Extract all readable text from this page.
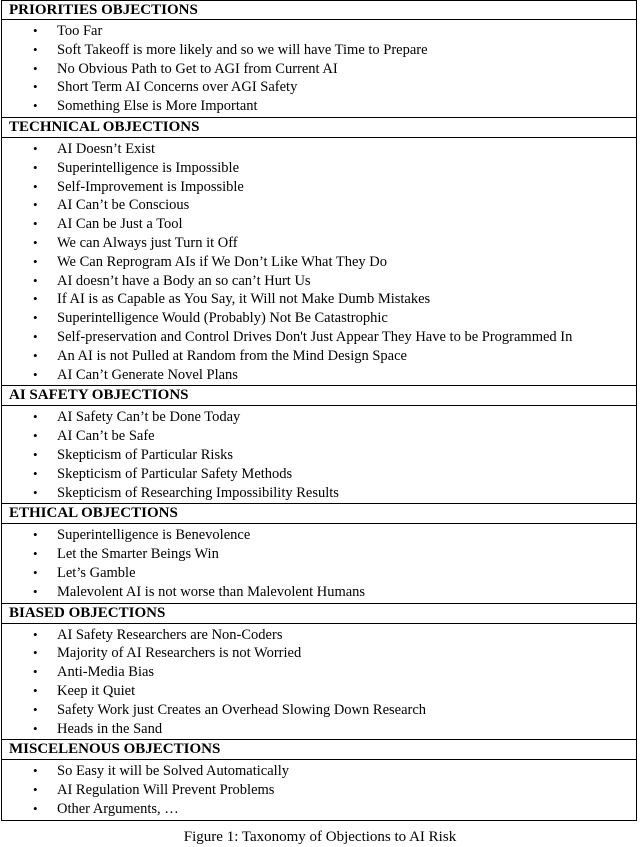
PRIORITIES OBJECTIONS

• Too Far
• Soft Takeoff is more likely and so we will have Time to Prepare
• No Obvious Path to Get to AGI from Current AI
• Short Term AI Concerns over AGI Safety
• Something Else is More Important

TECHNICAL OBJECTIONS

• AI Doesn’t Exist
• Superintelligence is Impossible
• Self-Improvement is Impossible
• AI Can’t be Conscious
• AI Can be Just a Tool
• We can Always just Turn it Off
• We Can Reprogram AIs if We Don’t Like What They Do
• AI doesn’t have a Body an so can’t Hurt Us
• If AI is as Capable as You Say, it Will not Make Dumb Mistakes
• Superintelligence Would (Probably) Not Be Catastrophic
• Self-preservation and Control Drives Don't Just Appear They Have to be Programmed In
• An AI is not Pulled at Random from the Mind Design Space
• AI Can’t Generate Novel Plans

AI SAFETY OBJECTIONS

• AI Safety Can’t be Done Today
• AI Can’t be Safe
• Skepticism of Particular Risks
• Skepticism of Particular Safety Methods
• Skepticism of Researching Impossibility Results

ETHICAL OBJECTIONS

• Superintelligence is Benevolence
• Let the Smarter Beings Win
• Let’s Gamble
• Malevolent AI is not worse than Malevolent Humans

BIASED OBJECTIONS

• AI Safety Researchers are Non-Coders
• Majority of AI Researchers is not Worried
• Anti-Media Bias
• Keep it Quiet
• Safety Work just Creates an Overhead Slowing Down Research
• Heads in the Sand

MISCELENOUS OBJECTIONS

• So Easy it will be Solved Automatically
• AI Regulation Will Prevent Problems
• Other Arguments, …
Figure 1: Taxonomy of Objections to AI Risk
